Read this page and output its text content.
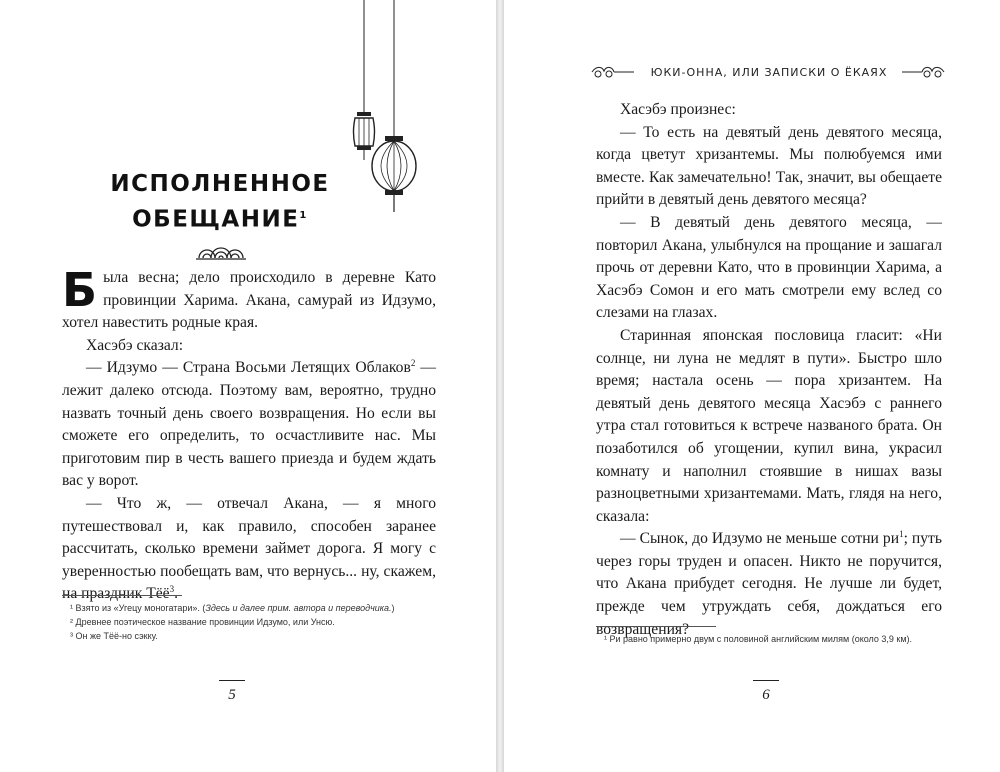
ИСПОЛНЕННОЕ
ОБЕЩАНИЕ$^1$

Была весна; дело происходило в деревне Като провинции Харима. Акана, самурай из Идзумо, хотел навестить родные края.

Хасэбэ сказал:

— Идзумо — Страна Восьми Летящих Облаков$^2$ — лежит далеко отсюда. Поэтому вам, вероятно, трудно назвать точный день своего возвращения. Но если вы сможете его определить, то осчастливите нас. Мы приготовим пир в честь вашего приезда и будем ждать вас у ворот.

— Что ж, — отвечал Акана, — я много путешествовал и, как правило, способен заранее рассчитать, сколько времени займет дорога. Я могу с уверенностью пообещать вам, что вернусь... ну, скажем, на праздник Тёё$^3$.

¹ Взято из «Угецу моногатари». (Здесь и далее прим. автора и переводчика.)

² Древнее поэтическое название провинции Идзумо, или Унсю.

³ Он же Тёё-но сэкку.

5
ЮКИ-ОННА, ИЛИ ЗАПИСКИ О ЁКАЯХ

Хасэбэ произнес:

— То есть на девятый день девятого месяца, когда цветут хризантемы. Мы полюбуемся ими вместе. Как замечательно! Так, значит, вы обещаете прийти в девятый день девятого месяца?

— В девятый день девятого месяца, — повторил Акана, улыбнулся на прощание и зашагал прочь от деревни Като, что в провинции Харима, а Хасэбэ Сомон и его мать смотрели ему вслед со слезами на глазах.

Старинная японская пословица гласит: «Ни солнце, ни луна не медлят в пути». Быстро шло время; настала осень — пора хризантем. На девятый день девятого месяца Хасэбэ с раннего утра стал готовиться к встрече названого брата. Он позаботился об угощении, купил вина, украсил комнату и наполнил стоявшие в нишах вазы разноцветными хризантемами. Мать, глядя на него, сказала:

— Сынок, до Идзумо не меньше сотни $ри^1$; путь через горы труден и опасен. Никто не поручится, что Акана прибудет сегодня. Не лучше ли будет, прежде чем утруждать себя, дождаться его возвращения?

¹ Ри равно примерно двум с половиной английским милям (около 3,9 км).

6
